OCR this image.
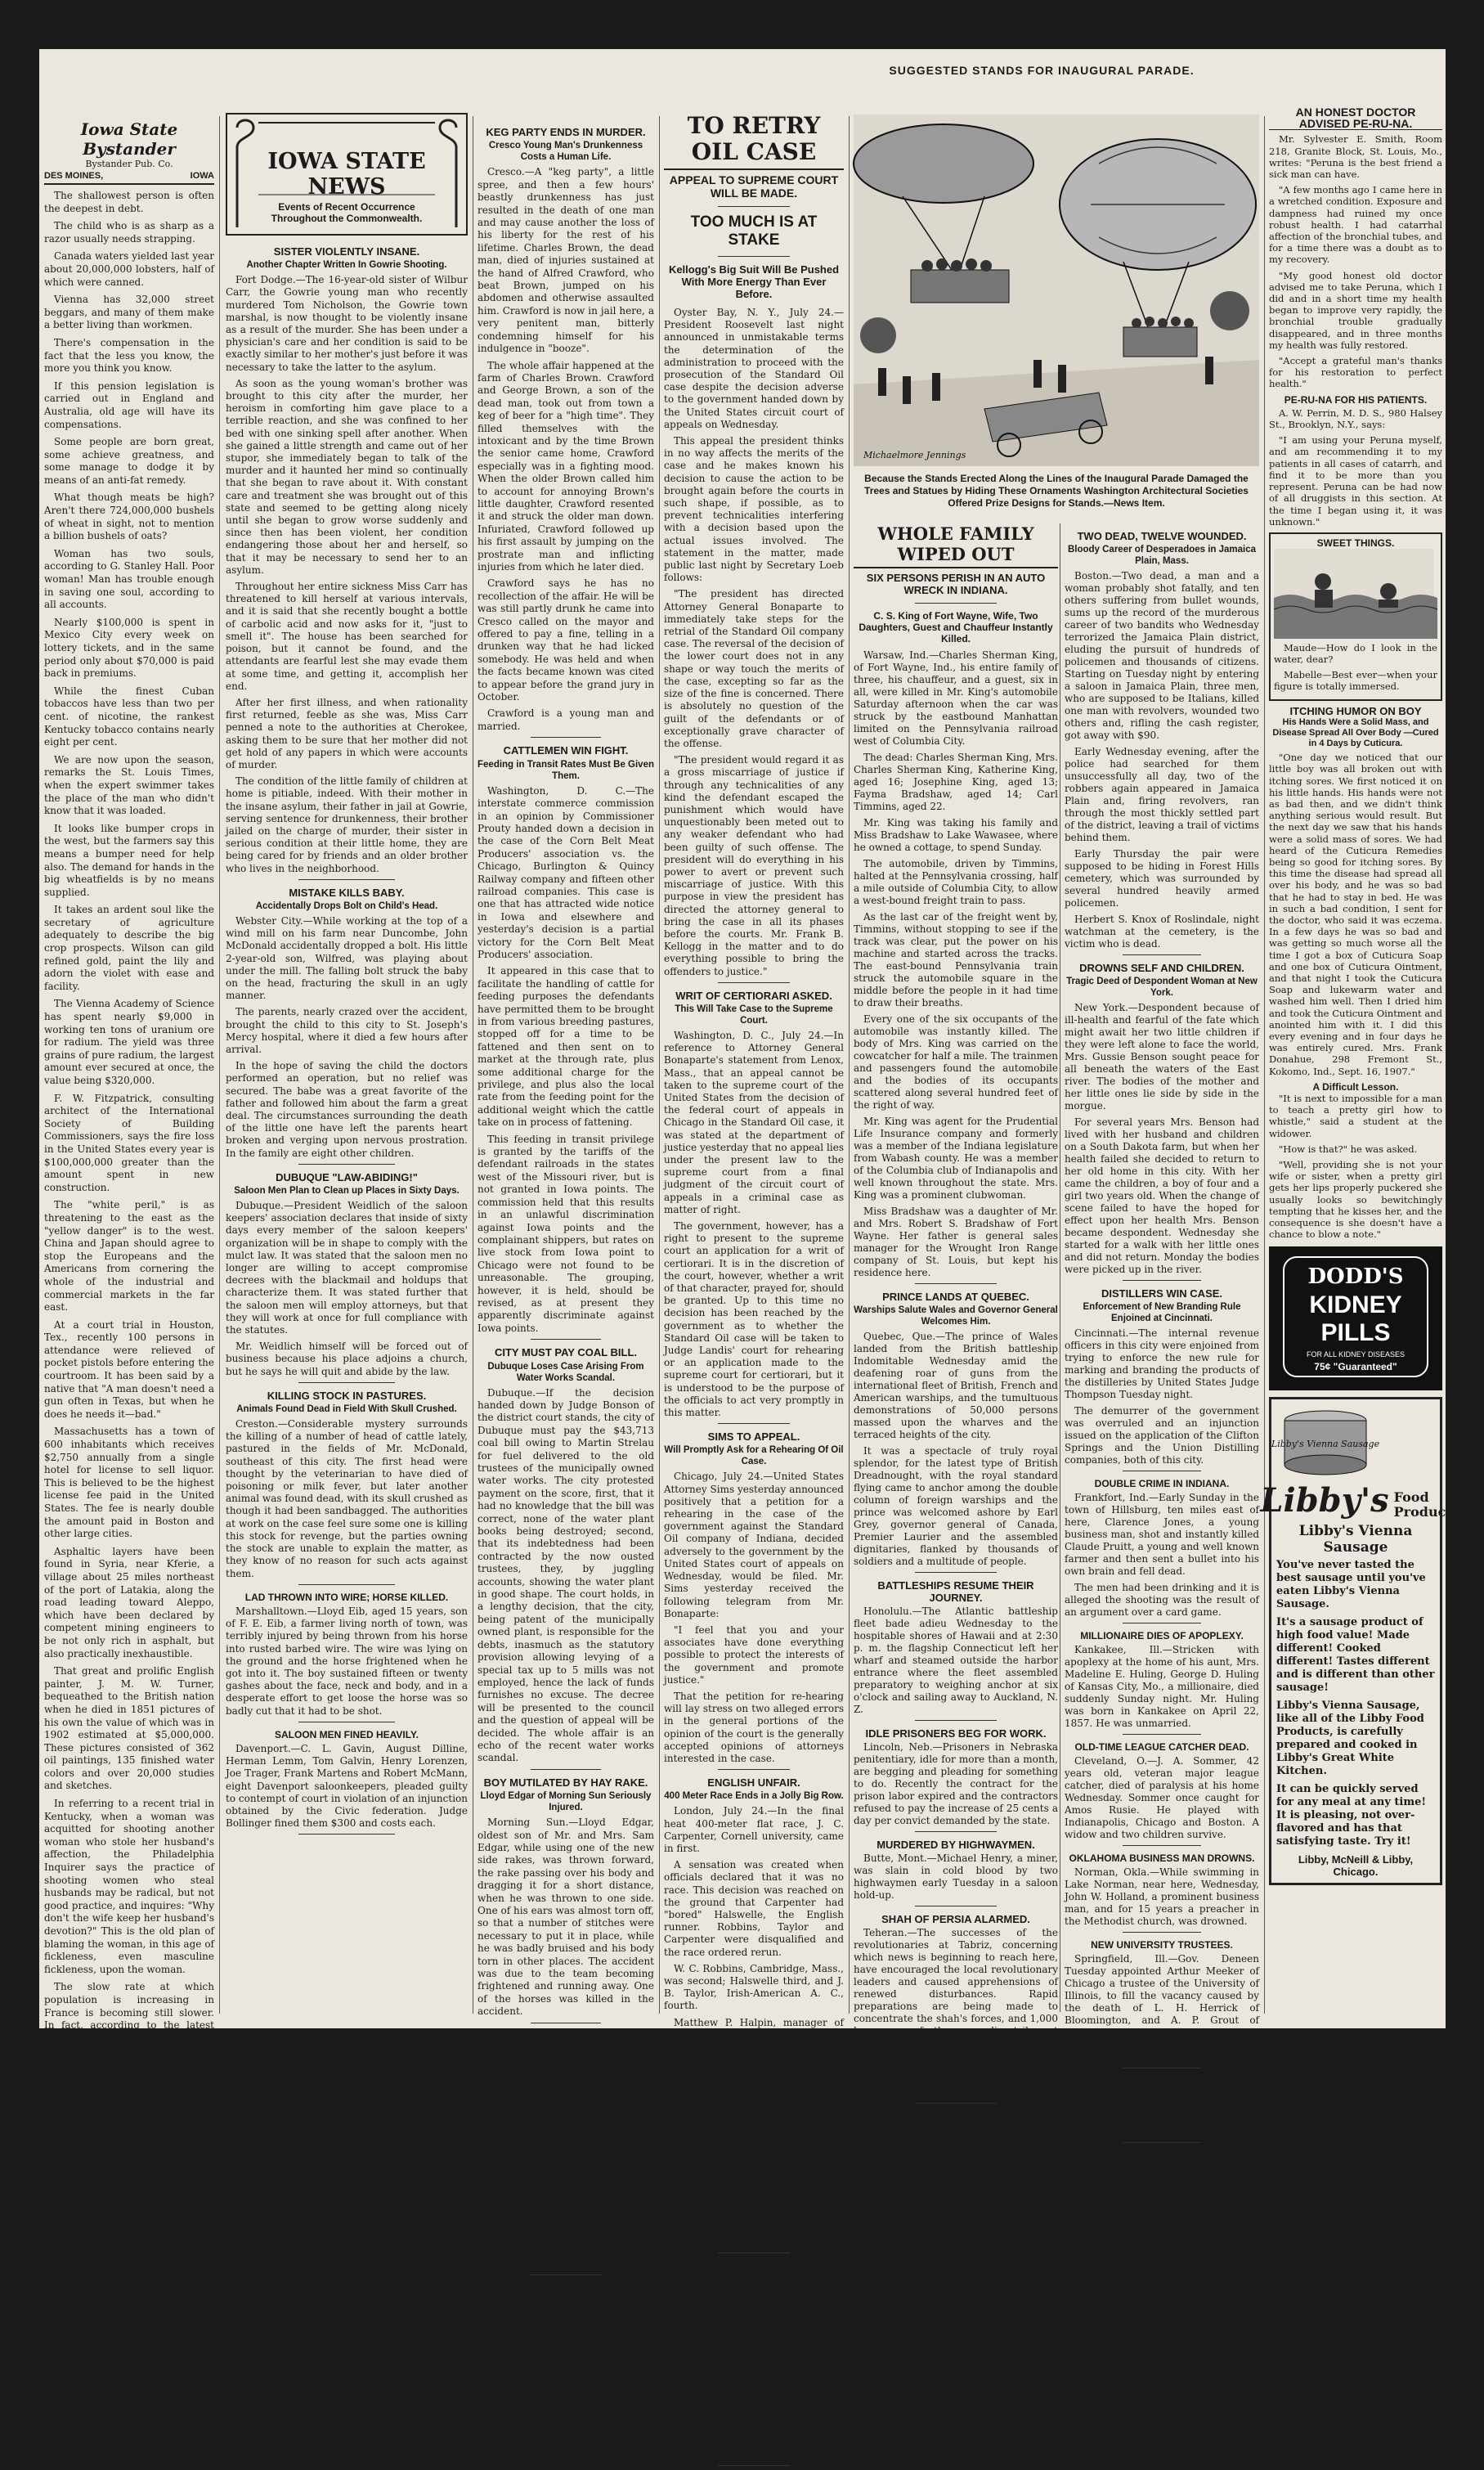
SUGGESTED STANDS FOR INAUGURAL PARADE.
Iowa State Bystander
Bystander Pub. Co.
DES MOINES,	IOWA

The shallowest person is often the deepest in debt.

The child who is as sharp as a razor usually needs strapping.

Canada waters yielded last year about 20,000,000 lobsters, half of which were canned.

Vienna has 32,000 street beggars, and many of them make a better living than workmen.

There's compensation in the fact that the less you know, the more you think you know.

If this pension legislation is carried out in England and Australia, old age will have its compensations.

Some people are born great, some achieve greatness, and some manage to dodge it by means of an anti-fat remedy.

What though meats be high? Aren't there 724,000,000 bushels of wheat in sight, not to mention a billion bushels of oats?

Woman has two souls, according to G. Stanley Hall. Poor woman! Man has trouble enough in saving one soul, according to all accounts.

Nearly $100,000 is spent in Mexico City every week on lottery tickets, and in the same period only about $70,000 is paid back in premiums.

While the finest Cuban tobaccos have less than two per cent. of nicotine, the rankest Kentucky tobacco contains nearly eight per cent.

We are now upon the season, remarks the St. Louis Times, when the expert swimmer takes the place of the man who didn't know that it was loaded.

It looks like bumper crops in the west, but the farmers say this means a bumper need for help also. The demand for hands in the big wheatfields is by no means supplied.

It takes an ardent soul like the secretary of agriculture adequately to describe the big crop prospects. Wilson can gild refined gold, paint the lily and adorn the violet with ease and facility.

The Vienna Academy of Science has spent nearly $9,000 in working ten tons of uranium ore for radium. The yield was three grains of pure radium, the largest amount ever secured at once, the value being $320,000.

F. W. Fitzpatrick, consulting architect of the International Society of Building Commissioners, says the fire loss in the United States every year is $100,000,000 greater than the amount spent in new construction.

The "white peril," is as threatening to the east as the "yellow danger" is to the west. China and Japan should agree to stop the Europeans and the Americans from cornering the whole of the industrial and commercial markets in the far east.

At a court trial in Houston, Tex., recently 100 persons in attendance were relieved of pocket pistols before entering the courtroom. It has been said by a native that "A man doesn't need a gun often in Texas, but when he does he needs it—bad."

Massachusetts has a town of 600 inhabitants which receives $2,750 annually from a single hotel for license to sell liquor. This is believed to be the highest license fee paid in the United States. The fee is nearly double the amount paid in Boston and other large cities.

Asphaltic layers have been found in Syria, near Kferie, a village about 25 miles northeast of the port of Latakia, along the road leading toward Aleppo, which have been declared by competent mining engineers to be not only rich in asphalt, but also practically inexhaustible.

That great and prolific English painter, J. M. W. Turner, bequeathed to the British nation when he died in 1851 pictures of his own the value of which was in 1902 estimated at $5,000,000. These pictures consisted of 362 oil paintings, 135 finished water colors and over 20,000 studies and sketches.

In referring to a recent trial in Kentucky, when a woman was acquitted for shooting another woman who stole her husband's affection, the Philadelphia Inquirer says the practice of shooting women who steal husbands may be radical, but not good practice, and inquires: "Why don't the wife keep her husband's devotion?" This is the old plan of blaming the woman, in this age of fickleness, even masculine fickleness, upon the woman.

The slow rate at which population is increasing in France is becoming still slower. In fact, according to the latest announcement there is no increase, but an actual decrease. The birthrate has steadily dwindled for a century, the aggregate of births within that time having decreased from 1,007,000 to 774,000 a year. The deaths in France during 1907 were reported at 793,000, which was 19,000 more than the births. If this is to be a continuing proportion, France may well view the situation with alarm, and bestir herself to discover the cause.

Russian admirers of Tolstoi in Moscow, who were determined to celebrate his eightieth birthday in some spectacular manner, have wisely acceded to his wishes in the matter, and instead of a festival into which he would be dragged unwillingly, have decided to observe the day by formally opening a public library and by giving the count's name to the school he attended in his youth. They could not have chosen an action more appropriate and none so likely to please the venerable Russian philosopher, whose years have been about 80.

IOWA STATE NEWS
Events of Recent Occurrence Throughout the Commonwealth.
SISTER VIOLENTLY INSANE.
Another Chapter Written In Gowrie Shooting.

Fort Dodge.—The 16-year-old sister of Wilbur Carr, the Gowrie young man who recently murdered Tom Nicholson, the Gowrie town marshal, is now thought to be violently insane as a result of the murder. She has been under a physician's care and her condition is said to be exactly similar to her mother's just before it was necessary to take the latter to the asylum.

As soon as the young woman's brother was brought to this city after the murder, her heroism in comforting him gave place to a terrible reaction, and she was confined to her bed with one sinking spell after another. When she gained a little strength and came out of her stupor, she immediately began to talk of the murder and it haunted her mind so continually that she began to rave about it. With constant care and treatment she was brought out of this state and seemed to be getting along nicely until she began to grow worse suddenly and since then has been violent, her condition endangering those about her and herself, so that it may be necessary to send her to an asylum.

Throughout her entire sickness Miss Carr has threatened to kill herself at various intervals, and it is said that she recently bought a bottle of carbolic acid and now asks for it, "just to smell it". The house has been searched for poison, but it cannot be found, and the attendants are fearful lest she may evade them at some time, and getting it, accomplish her end.

After her first illness, and when rationality first returned, feeble as she was, Miss Carr penned a note to the authorities at Cherokee, asking them to be sure that her mother did not get hold of any papers in which were accounts of murder.

The condition of the little family of children at home is pitiable, indeed. With their mother in the insane asylum, their father in jail at Gowrie, serving sentence for drunkenness, their brother jailed on the charge of murder, their sister in serious condition at their little home, they are being cared for by friends and an older brother who lives in the neighborhood.

MISTAKE KILLS BABY.
Accidentally Drops Bolt on Child's Head.

Webster City.—While working at the top of a wind mill on his farm near Duncombe, John McDonald accidentally dropped a bolt. His little 2-year-old son, Wilfred, was playing about under the mill. The falling bolt struck the baby on the head, fracturing the skull in an ugly manner.

The parents, nearly crazed over the accident, brought the child to this city to St. Joseph's Mercy hospital, where it died a few hours after arrival.

In the hope of saving the child the doctors performed an operation, but no relief was secured. The babe was a great favorite of the father and followed him about the farm a great deal. The circumstances surrounding the death of the little one have left the parents heart broken and verging upon nervous prostration. In the family are eight other children.

DUBUQUE "LAW-ABIDING!"
Saloon Men Plan to Clean up Places in Sixty Days.

Dubuque.—President Weidlich of the saloon keepers' association declares that inside of sixty days every member of the saloon keepers' organization will be in shape to comply with the mulct law. It was stated that the saloon men no longer are willing to accept compromise decrees with the blackmail and holdups that characterize them. It was stated further that the saloon men will employ attorneys, but that they will work at once for full compliance with the statutes.

Mr. Weidlich himself will be forced out of business because his place adjoins a church, but he says he will quit and abide by the law.

KILLING STOCK IN PASTURES.
Animals Found Dead in Field With Skull Crushed.

Creston.—Considerable mystery surrounds the killing of a number of head of cattle lately, pastured in the fields of Mr. McDonald, southeast of this city. The first head were thought by the veterinarian to have died of poisoning or milk fever, but later another animal was found dead, with its skull crushed as though it had been sandbagged. The authorities at work on the case feel sure some one is killing this stock for revenge, but the parties owning the stock are unable to explain the matter, as they know of no reason for such acts against them.

LAD THROWN INTO WIRE; HORSE KILLED.

Marshalltown.—Lloyd Eib, aged 15 years, son of F. E. Eib, a farmer living north of town, was terribly injured by being thrown from his horse into rusted barbed wire. The wire was lying on the ground and the horse frightened when he got into it. The boy sustained fifteen or twenty gashes about the face, neck and body, and in a desperate effort to get loose the horse was so badly cut that it had to be shot.

SALOON MEN FINED HEAVILY.

Davenport.—C. L. Gavin, August Dilline, Herman Lemm, Tom Galvin, Henry Lorenzen, Joe Trager, Frank Martens and Robert McMann, eight Davenport saloonkeepers, pleaded guilty to contempt of court in violation of an injunction obtained by the Civic federation. Judge Bollinger fined them $300 and costs each.

KEG PARTY ENDS IN MURDER.
Cresco Young Man's Drunkenness Costs a Human Life.

Cresco.—A "keg party", a little spree, and then a few hours' beastly drunkenness has just resulted in the death of one man and may cause another the loss of his liberty for the rest of his lifetime. Charles Brown, the dead man, died of injuries sustained at the hand of Alfred Crawford, who beat Brown, jumped on his abdomen and otherwise assaulted him. Crawford is now in jail here, a very penitent man, bitterly condemning himself for his indulgence in "booze".

The whole affair happened at the farm of Charles Brown. Crawford and George Brown, a son of the dead man, took out from town a keg of beer for a "high time". They filled themselves with the intoxicant and by the time Brown the senior came home, Crawford especially was in a fighting mood. When the older Brown called him to account for annoying Brown's little daughter, Crawford resented it and struck the older man down. Infuriated, Crawford followed up his first assault by jumping on the prostrate man and inflicting injuries from which he later died.

Crawford says he has no recollection of the affair. He will be was still partly drunk he came into Cresco called on the mayor and offered to pay a fine, telling in a drunken way that he had licked somebody. He was held and when the facts became known was cited to appear before the grand jury in October.

Crawford is a young man and married.

CATTLEMEN WIN FIGHT.
Feeding in Transit Rates Must Be Given Them.

Washington, D. C.—The interstate commerce commission in an opinion by Commissioner Prouty handed down a decision in the case of the Corn Belt Meat Producers' association vs. the Chicago, Burlington & Quincy Railway company and fifteen other railroad companies. This case is one that has attracted wide notice in Iowa and elsewhere and yesterday's decision is a partial victory for the Corn Belt Meat Producers' association.

It appeared in this case that to facilitate the handling of cattle for feeding purposes the defendants have permitted them to be brought in from various breeding pastures, stopped off for a time to be fattened and then sent on to market at the through rate, plus some additional charge for the privilege, and plus also the local rate from the feeding point for the additional weight which the cattle take on in process of fattening.

This feeding in transit privilege is granted by the tariffs of the defendant railroads in the states west of the Missouri river, but is not granted in Iowa points. The commission held that this results in an unlawful discrimination against Iowa points and the complainant shippers, but rates on live stock from Iowa point to Chicago were not found to be unreasonable. The grouping, however, it is held, should be revised, as at present they apparently discriminate against Iowa points.

CITY MUST PAY COAL BILL.
Dubuque Loses Case Arising From Water Works Scandal.

Dubuque.—If the decision handed down by Judge Bonson of the district court stands, the city of Dubuque must pay the $43,713 coal bill owing to Martin Strelau for fuel delivered to the old trustees of the municipally owned water works. The city protested payment on the score, first, that it had no knowledge that the bill was correct, none of the water plant books being destroyed; second, that its indebtedness had been contracted by the now ousted trustees, they, by juggling accounts, showing the water plant in good shape. The court holds, in a lengthy decision, that the city, being patent of the municipally owned plant, is responsible for the debts, inasmuch as the statutory provision allowing levying of a special tax up to 5 mills was not employed, hence the lack of funds furnishes no excuse. The decree will be presented to the council and the question of appeal will be decided. The whole affair is an echo of the recent water works scandal.

BOY MUTILATED BY HAY RAKE.
Lloyd Edgar of Morning Sun Seriously Injured.

Morning Sun.—Lloyd Edgar, oldest son of Mr. and Mrs. Sam Edgar, while using one of the new side rakes, was thrown forward, the rake passing over his body and dragging it for a short distance, when he was thrown to one side. One of his ears was almost torn off, so that a number of stitches were necessary to put it in place, while he was badly bruised and his body torn in other places. The accident was due to the team becoming frightened and running away. One of the horses was killed in the accident.

INSPECT CHILDREN'S TEETH.

Iowa City.—Dr. E. A. Rogers of the state university dental school is firmly convinced that there ought to be compulsory examination of the teeth of school children from time to time. He declares that the average child's mouth is in a condition that menaces its health and that if examinations were required and bad teeth remedied the country's general health would be greatly improved. Dr. Rogers backs up his theory with the facts gathered in an examination he made of the teeth of eight-two Iowa City school children. At that time 2,733 teeth were found that needed attention.

TO RETRY OIL CASE
APPEAL TO SUPREME COURT WILL BE MADE.
TOO MUCH IS AT STAKE
Kellogg's Big Suit Will Be Pushed With More Energy Than Ever Before.

Oyster Bay, N. Y., July 24.—President Roosevelt last night announced in unmistakable terms the determination of the administration to proceed with the prosecution of the Standard Oil case despite the decision adverse to the government handed down by the United States circuit court of appeals on Wednesday.

This appeal the president thinks in no way affects the merits of the case and he makes known his decision to cause the action to be brought again before the courts in such shape, if possible, as to prevent technicalities interfering with a decision based upon the actual issues involved. The statement in the matter, made public last night by Secretary Loeb follows:

"The president has directed Attorney General Bonaparte to immediately take steps for the retrial of the Standard Oil company case. The reversal of the decision of the lower court does not in any shape or way touch the merits of the case, excepting so far as the size of the fine is concerned. There is absolutely no question of the guilt of the defendants or of exceptionally grave character of the offense.

"The president would regard it as a gross miscarriage of justice if through any technicalities of any kind the defendant escaped the punishment which would have unquestionably been meted out to any weaker defendant who had been guilty of such offense. The president will do everything in his power to avert or prevent such miscarriage of justice. With this purpose in view the president has directed the attorney general to bring the case in all its phases before the courts. Mr. Frank B. Kellogg in the matter and to do everything possible to bring the offenders to justice."

WRIT OF CERTIORARI ASKED.
This Will Take Case to the Supreme Court.

Washington, D. C., July 24.—In reference to Attorney General Bonaparte's statement from Lenox, Mass., that an appeal cannot be taken to the supreme court of the United States from the decision of the federal court of appeals in Chicago in the Standard Oil case, it was stated at the department of justice yesterday that no appeal lies under the present law to the supreme court from a final judgment of the circuit court of appeals in a criminal case as matter of right.

The government, however, has a right to present to the supreme court an application for a writ of certiorari. It is in the discretion of the court, however, whether a writ of that character, prayed for, should be granted. Up to this time no decision has been reached by the government as to whether the Standard Oil case will be taken to Judge Landis' court for rehearing or an application made to the supreme court for certiorari, but it is understood to be the purpose of the officials to act very promptly in this matter.

SIMS TO APPEAL.
Will Promptly Ask for a Rehearing Of Oil Case.

Chicago, July 24.—United States Attorney Sims yesterday announced positively that a petition for a rehearing in the case of the government against the Standard Oil company of Indiana, decided adversely to the government by the United States court of appeals on Wednesday, would be filed. Mr. Sims yesterday received the following telegram from Mr. Bonaparte:

"I feel that you and your associates have done everything possible to protect the interests of the government and promote justice."

That the petition for re-hearing will lay stress on two alleged errors in the general portions of the opinion of the court is the generally accepted opinions of attorneys interested in the case.

ENGLISH UNFAIR.
400 Meter Race Ends in a Jolly Big Row.

London, July 24.—In the final heat 400-meter flat race, J. C. Carpenter, Cornell university, came in first.

A sensation was created when officials declared that it was no race. This decision was reached on the ground that Carpenter had "bored" Halswelle, the English runner. Robbins, Taylor and Carpenter were disqualified and the race ordered rerun.

W. C. Robbins, Cambridge, Mass., was second; Halswelle third, and J. B. Taylor, Irish-American A. C., fourth.

Matthew P. Halpin, manager of the American team, says the Americans will not run the race over.

"Highway robbery is pretty strong language," said Trainer Murphy, "one there are no other words for it. I am mad clear through at the English officials for years, and it has always been the same story. They would have robbed us of everything they could.

"Both Carpenter and Robbins had the Englishman beaten from the crack of the pistol and the English officials could not bear to see their own man beaten in a race which they counted on winning."

MAY NOT GO HIGHER UP.

New York, July 24.—It was learned yesterday through sources identified with the Standard Oil Company that the $29,240,000 case is not likely to go to the supreme court of the United States. Nor is it believed the case will be retried before Judge Landis, as the Standard Oil company would probably be able to get a trial before some other judge sit in the case. The issues involve no constitutional questions such as would necessarily take the action to the supreme court.

Michaelmore Jennings
Because the Stands Erected Along the Lines of the Inaugural Parade Damaged the Trees and Statues by Hiding These Ornaments Washington Architectural Societies Offered Prize Designs for Stands.—News Item.
WHOLE FAMILY WIPED OUT
SIX PERSONS PERISH IN AN AUTO WRECK IN INDIANA.
C. S. King of Fort Wayne, Wife, Two Daughters, Guest and Chauffeur Instantly Killed.

Warsaw, Ind.—Charles Sherman King, of Fort Wayne, Ind., his entire family of three, his chauffeur, and a guest, six in all, were killed in Mr. King's automobile Saturday afternoon when the car was struck by the eastbound Manhattan limited on the Pennsylvania railroad west of Columbia City.

The dead: Charles Sherman King, Mrs. Charles Sherman King, Katherine King, aged 16; Josephine King, aged 13; Fayma Bradshaw, aged 14; Carl Timmins, aged 22.

Mr. King was taking his family and Miss Bradshaw to Lake Wawasee, where he owned a cottage, to spend Sunday.

The automobile, driven by Timmins, halted at the Pennsylvania crossing, half a mile outside of Columbia City, to allow a west-bound freight train to pass.

As the last car of the freight went by, Timmins, without stopping to see if the track was clear, put the power on his machine and started across the tracks. The east-bound Pennsylvania train struck the automobile square in the middle before the people in it had time to draw their breaths.

Every one of the six occupants of the automobile was instantly killed. The body of Mrs. King was carried on the cowcatcher for half a mile. The trainmen and passengers found the automobile and the bodies of its occupants scattered along several hundred feet of the right of way.

Mr. King was agent for the Prudential Life Insurance company and formerly was a member of the Indiana legislature from Wabash county. He was a member of the Columbia club of Indianapolis and well known throughout the state. Mrs. King was a prominent clubwoman.

Miss Bradshaw was a daughter of Mr. and Mrs. Robert S. Bradshaw of Fort Wayne. Her father is general sales manager for the Wrought Iron Range company of St. Louis, but kept his residence here.

PRINCE LANDS AT QUEBEC.
Warships Salute Wales and Governor General Welcomes Him.

Quebec, Que.—The prince of Wales landed from the British battleship Indomitable Wednesday amid the deafening roar of guns from the international fleet of British, French and American warships, and the tumultuous demonstrations of 50,000 persons massed upon the wharves and the terraced heights of the city.

It was a spectacle of truly royal splendor, for the latest type of British Dreadnought, with the royal standard flying came to anchor among the double column of foreign warships and the prince was welcomed ashore by Earl Grey, governor general of Canada, Premier Laurier and the assembled dignitaries, flanked by thousands of soldiers and a multitude of people.

BATTLESHIPS RESUME THEIR JOURNEY.

Honolulu.—The Atlantic battleship fleet bade adieu Wednesday to the hospitable shores of Hawaii and at 2:30 p. m. the flagship Connecticut left her wharf and steamed outside the harbor entrance where the fleet assembled preparatory to weighing anchor at six o'clock and sailing away to Auckland, N. Z.

IDLE PRISONERS BEG FOR WORK.

Lincoln, Neb.—Prisoners in Nebraska penitentiary, idle for more than a month, are begging and pleading for something to do. Recently the contract for the prison labor expired and the contractors refused to pay the increase of 25 cents a day per convict demanded by the state.

MURDERED BY HIGHWAYMEN.

Butte, Mont.—Michael Henry, a miner, was slain in cold blood by two highwaymen early Tuesday in a saloon hold-up.

SHAH OF PERSIA ALARMED.

Teheran.—The successes of the revolutionaries at Tabriz, concerning which news is beginning to reach here, have encouraged the local revolutionary leaders and caused apprehensions of renewed disturbances. Rapid preparations are being made to concentrate the shah's forces, and 1,000 horsemen of the nomadic tribe at Bakhtiar have arrived on the outskirts of the city. Quarters are being prepared for them in the vicinity of the shah's palace, which is becoming rapidly transformed into a fortress.

TWO DEAD, TWELVE WOUNDED.
Bloody Career of Desperadoes in Jamaica Plain, Mass.

Boston.—Two dead, a man and a woman probably shot fatally, and ten others suffering from bullet wounds, sums up the record of the murderous career of two bandits who Wednesday terrorized the Jamaica Plain district, eluding the pursuit of hundreds of policemen and thousands of citizens. Starting on Tuesday night by entering a saloon in Jamaica Plain, three men, who are supposed to be Italians, killed one man with revolvers, wounded two others and, rifling the cash register, got away with $90.

Early Wednesday evening, after the police had searched for them unsuccessfully all day, two of the robbers again appeared in Jamaica Plain and, firing revolvers, ran through the most thickly settled part of the district, leaving a trail of victims behind them.

Early Thursday the pair were supposed to be hiding in Forest Hills cemetery, which was surrounded by several hundred heavily armed policemen.

Herbert S. Knox of Roslindale, night watchman at the cemetery, is the victim who is dead.

DROWNS SELF AND CHILDREN.
Tragic Deed of Despondent Woman at New York.

New York.—Despondent because of ill-health and fearful of the fate which might await her two little children if they were left alone to face the world, Mrs. Gussie Benson sought peace for all beneath the waters of the East river. The bodies of the mother and her little ones lie side by side in the morgue.

For several years Mrs. Benson had lived with her husband and children on a South Dakota farm, but when her health failed she decided to return to her old home in this city. With her came the children, a boy of four and a girl two years old. When the change of scene failed to have the hoped for effect upon her health Mrs. Benson became despondent. Wednesday she started for a walk with her little ones and did not return. Monday the bodies were picked up in the river.

DISTILLERS WIN CASE.
Enforcement of New Branding Rule Enjoined at Cincinnati.

Cincinnati.—The internal revenue officers in this city were enjoined from trying to enforce the new rule for marking and branding the products of the distilleries by United States Judge Thompson Tuesday night.

The demurrer of the government was overruled and an injunction issued on the application of the Clifton Springs and the Union Distilling companies, both of this city.

DOUBLE CRIME IN INDIANA.

Frankfort, Ind.—Early Sunday in the town of Hillsburg, ten miles east of here, Clarence Jones, a young business man, shot and instantly killed Claude Pruitt, a young and well known farmer and then sent a bullet into his own brain and fell dead.

The men had been drinking and it is alleged the shooting was the result of an argument over a card game.

MILLIONAIRE DIES OF APOPLEXY.

Kankakee, Ill.—Stricken with apoplexy at the home of his aunt, Mrs. Madeline E. Huling, George D. Huling of Kansas City, Mo., a millionaire, died suddenly Sunday night. Mr. Huling was born in Kankakee on April 22, 1857. He was unmarried.

OLD-TIME LEAGUE CATCHER DEAD.

Cleveland, O.—J. A. Sommer, 42 years old, veteran major league catcher, died of paralysis at his home Wednesday. Sommer once caught for Amos Rusie. He played with Indianapolis, Chicago and Boston. A widow and two children survive.

OKLAHOMA BUSINESS MAN DROWNS.

Norman, Okla.—While swimming in Lake Norman, near here, Wednesday, John W. Holland, a prominent business man, and for 15 years a preacher in the Methodist church, was drowned.

NEW UNIVERSITY TRUSTEES.

Springfield, Ill.—Gov. Deneen Tuesday appointed Arthur Meeker of Chicago a trustee of the University of Illinois, to fill the vacancy caused by the death of L. H. Herrick of Bloomington, and A. P. Grout of Winchester to fill the vacancy caused by the death of Alexander McLean of Macomb.

FIERCE FIGHTING AT TABRIZ.

St. Petersburg.—It is reported here that severe fighting occurred at Tabriz, Persia, Monday, 200 being killed or wounded.

AN HONEST DOCTOR ADVISED PE-RU-NA.

Mr. Sylvester E. Smith, Room 218, Granite Block, St. Louis, Mo., writes: "Peruna is the best friend a sick man can have.

"A few months ago I came here in a wretched condition. Exposure and dampness had ruined my once robust health. I had catarrhal affection of the bronchial tubes, and for a time there was a doubt as to my recovery.

"My good honest old doctor advised me to take Peruna, which I did and in a short time my health began to improve very rapidly, the bronchial trouble gradually disappeared, and in three months my health was fully restored.

"Accept a grateful man's thanks for his restoration to perfect health."

PE-RU-NA FOR HIS PATIENTS.

A. W. Perrin, M. D. S., 980 Halsey St., Brooklyn, N.Y., says:

"I am using your Peruna myself, and am recommending it to my patients in all cases of catarrh, and find it to be more than you represent. Peruna can be had now of all druggists in this section. At the time I began using it, it was unknown."

SWEET THINGS.

Maude—How do I look in the water, dear?

Mabelle—Best ever—when your figure is totally immersed.

ITCHING HUMOR ON BOY
His Hands Were a Solid Mass, and Disease Spread All Over Body —Cured in 4 Days by Cuticura.

"One day we noticed that our little boy was all broken out with itching sores. We first noticed it on his little hands. His hands were not as bad then, and we didn't think anything serious would result. But the next day we saw that his hands were a solid mass of sores. We had heard of the Cuticura Remedies being so good for itching sores. By this time the disease had spread all over his body, and he was so bad that he had to stay in bed. He was in such a bad condition, I sent for the doctor, who said it was eczema. In a few days he was so bad and was getting so much worse all the time I got a box of Cuticura Soap and one box of Cuticura Ointment, and that night I took the Cuticura Soap and lukewarm water and washed him well. Then I dried him and took the Cuticura Ointment and anointed him with it. I did this every evening and in four days he was entirely cured. Mrs. Frank Donahue, 298 Fremont St., Kokomo, Ind., Sept. 16, 1907."

A Difficult Lesson.

"It is next to impossible for a man to teach a pretty girl how to whistle," said a student at the widower.

"How is that?" he was asked.

"Well, providing she is not your wife or sister, when a pretty girl gets her lips properly puckered she usually looks so bewitchingly tempting that he kisses her, and the consequence is she doesn't have a chance to blow a note."

DODD'S
KIDNEY
PILLS
FOR ALL KIDNEY DISEASES
75¢ "Guaranteed"
Libby's Vienna Sausage
Libby's Food Products
Libby's Vienna Sausage

You've never tasted the best sausage until you've eaten Libby's Vienna Sausage.

It's a sausage product of high food value! Made different! Cooked different! Tastes different and is different than other sausage!

Libby's Vienna Sausage, like all of the Libby Food Products, is carefully prepared and cooked in Libby's Great White Kitchen.

It can be quickly served for any meal at any time! It is pleasing, not over-flavored and has that satisfying taste. Try it!

Libby, McNeill & Libby,
Chicago.
